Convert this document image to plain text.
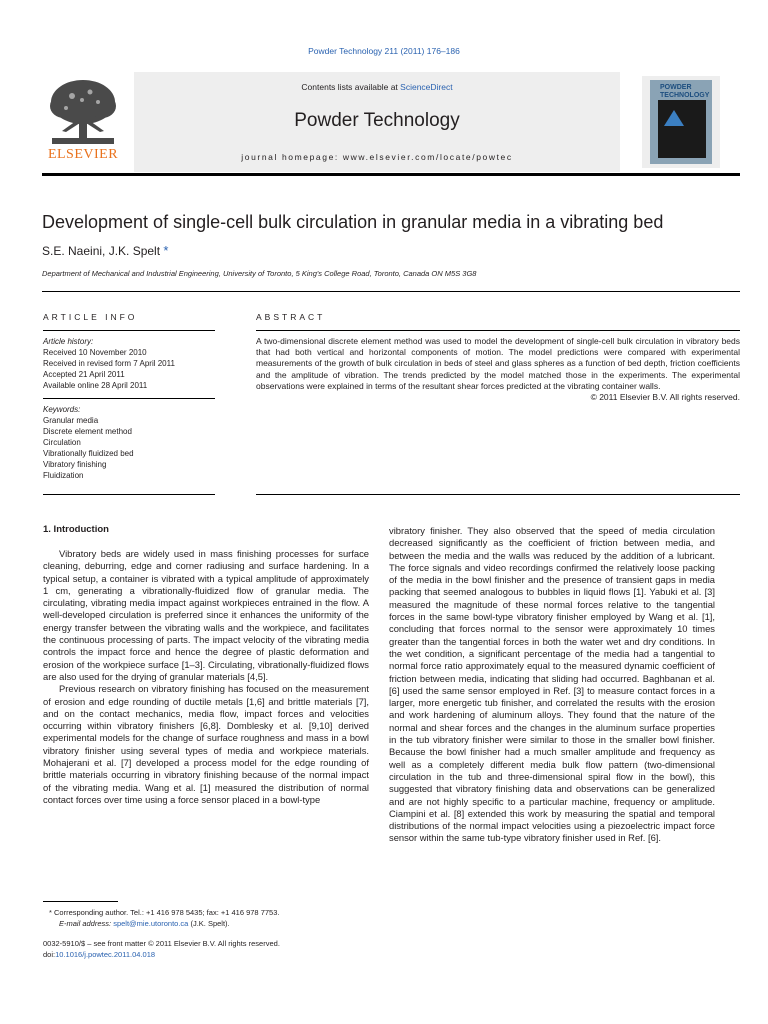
Powder Technology 211 (2011) 176–186
ELSEVIER
Contents lists available at ScienceDirect
Powder Technology
journal homepage: www.elsevier.com/locate/powtec
POWDER TECHNOLOGY
Development of single-cell bulk circulation in granular media in a vibrating bed
S.E. Naeini, J.K. Spelt *
Department of Mechanical and Industrial Engineering, University of Toronto, 5 King's College Road, Toronto, Canada ON M5S 3G8
ARTICLE INFO	ABSTRACT
Article history:
Received 10 November 2010
Received in revised form 7 April 2011
Accepted 21 April 2011
Available online 28 April 2011
Keywords:
Granular media
Discrete element method
Circulation
Vibrationally fluidized bed
Vibratory finishing
Fluidization
A two-dimensional discrete element method was used to model the development of single-cell bulk circulation in vibratory beds that had both vertical and horizontal components of motion. The model predictions were compared with experimental measurements of the growth of bulk circulation in beds of steel and glass spheres as a function of bed depth, friction coefficients and the amplitude of vibration. The trends predicted by the model matched those in the experiments. The experimental observations were explained in terms of the resultant shear forces predicted at the vibrating container walls.
© 2011 Elsevier B.V. All rights reserved.
1. Introduction

Vibratory beds are widely used in mass finishing processes for surface cleaning, deburring, edge and corner radiusing and surface hardening. In a typical setup, a container is vibrated with a typical amplitude of approximately 1 cm, generating a vibrationally-fluidized flow of granular media. The circulating, vibrating media impact against workpieces entrained in the flow. A well-developed circulation is preferred since it enhances the uniformity of the energy transfer between the vibrating walls and the workpiece, and facilitates the continuous processing of parts. The impact velocity of the vibrating media controls the impact force and hence the degree of plastic deformation and erosion of the workpiece surface [1–3]. Circulating, vibrationally-fluidized flows are also used for the drying of granular materials [4,5].

Previous research on vibratory finishing has focused on the measurement of erosion and edge rounding of ductile metals [1,6] and brittle materials [7], and on the contact mechanics, media flow, impact forces and velocities occurring within vibratory finishers [6,8]. Domblesky et al. [9,10] derived experimental models for the change of surface roughness and mass in a bowl vibratory finisher using several types of media and workpiece materials. Mohajerani et al. [7] developed a process model for the edge rounding of brittle materials occurring in vibratory finishing because of the normal impact of the vibrating media. Wang et al. [1] measured the distribution of normal contact forces over time using a force sensor placed in a bowl-type

vibratory finisher. They also observed that the speed of media circulation decreased significantly as the coefficient of friction between media, and between the media and the walls was reduced by the addition of a lubricant. The force signals and video recordings confirmed the relatively loose packing of the media in the bowl finisher and the presence of transient gaps in media packing that seemed analogous to bubbles in liquid flows [1]. Yabuki et al. [3] measured the magnitude of these normal forces relative to the tangential forces in the same bowl-type vibratory finisher employed by Wang et al. [1], concluding that forces normal to the sensor were approximately 10 times greater than the tangential forces in both the water wet and dry conditions. In the wet condition, a significant percentage of the media had a tangential to normal force ratio approximately equal to the measured dynamic coefficient of friction between media, indicating that sliding had occurred. Baghbanan et al. [6] used the same sensor employed in Ref. [3] to measure contact forces in a larger, more energetic tub finisher, and correlated the results with the erosion and work hardening of aluminum alloys. They found that the nature of the normal and shear forces and the changes in the aluminum surface properties in the tub vibratory finisher were similar to those in the smaller bowl finisher. Because the bowl finisher had a much smaller amplitude and frequency as well as a completely different media bulk flow pattern (two-dimensional circulation in the tub and three-dimensional spiral flow in the bowl), this suggested that vibratory finishing data and observations can be generalized and are not highly specific to a particular machine, frequency or amplitude. Ciampini et al. [8] extended this work by measuring the spatial and temporal distributions of the normal impact velocities using a piezoelectric impact force sensor within the same tub-type vibratory finisher used in Ref. [6].

* Corresponding author. Tel.: +1 416 978 5435; fax: +1 416 978 7753.
E-mail address: spelt@mie.utoronto.ca (J.K. Spelt).
0032-5910/$ – see front matter © 2011 Elsevier B.V. All rights reserved.
doi:10.1016/j.powtec.2011.04.018
